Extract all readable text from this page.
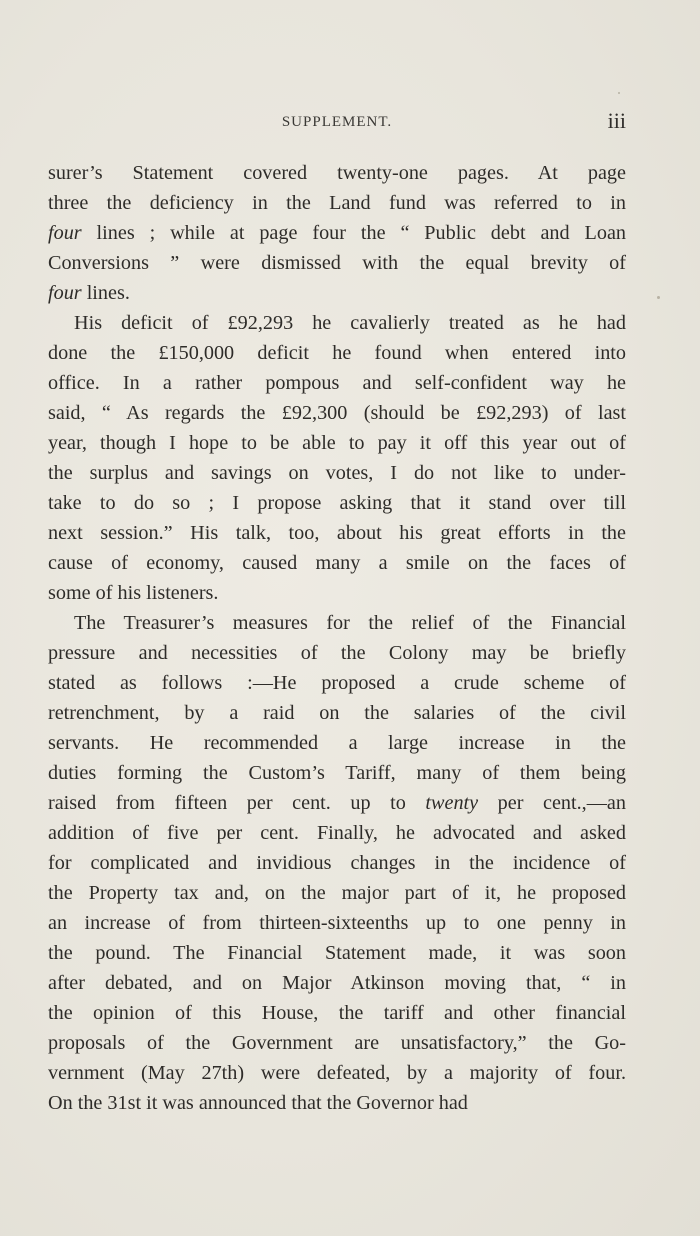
SUPPLEMENT.	iii
surer’s Statement covered twenty-one pages. At page
three the deficiency in the Land fund was referred to in
four lines ; while at page four the “ Public debt and Loan
Conversions ” were dismissed with the equal brevity of
four lines.
His deficit of £92,293 he cavalierly treated as he had
done the £150,000 deficit he found when entered into
office. In a rather pompous and self-confident way he
said, “ As regards the £92,300 (should be £92,293) of last
year, though I hope to be able to pay it off this year out of
the surplus and savings on votes, I do not like to under-
take to do so ; I propose asking that it stand over till
next session.” His talk, too, about his great efforts in the
cause of economy, caused many a smile on the faces of
some of his listeners.
The Treasurer’s measures for the relief of the Financial
pressure and necessities of the Colony may be briefly
stated as follows :—He proposed a crude scheme of
retrenchment, by a raid on the salaries of the civil
servants. He recommended a large increase in the
duties forming the Custom’s Tariff, many of them being
raised from fifteen per cent. up to twenty per cent.,—an
addition of five per cent. Finally, he advocated and asked
for complicated and invidious changes in the incidence of
the Property tax and, on the major part of it, he proposed
an increase of from thirteen-sixteenths up to one penny in
the pound. The Financial Statement made, it was soon
after debated, and on Major Atkinson moving that, “ in
the opinion of this House, the tariff and other financial
proposals of the Government are unsatisfactory,” the Go-
vernment (May 27th) were defeated, by a majority of four.
On the 31st it was announced that the Governor had
